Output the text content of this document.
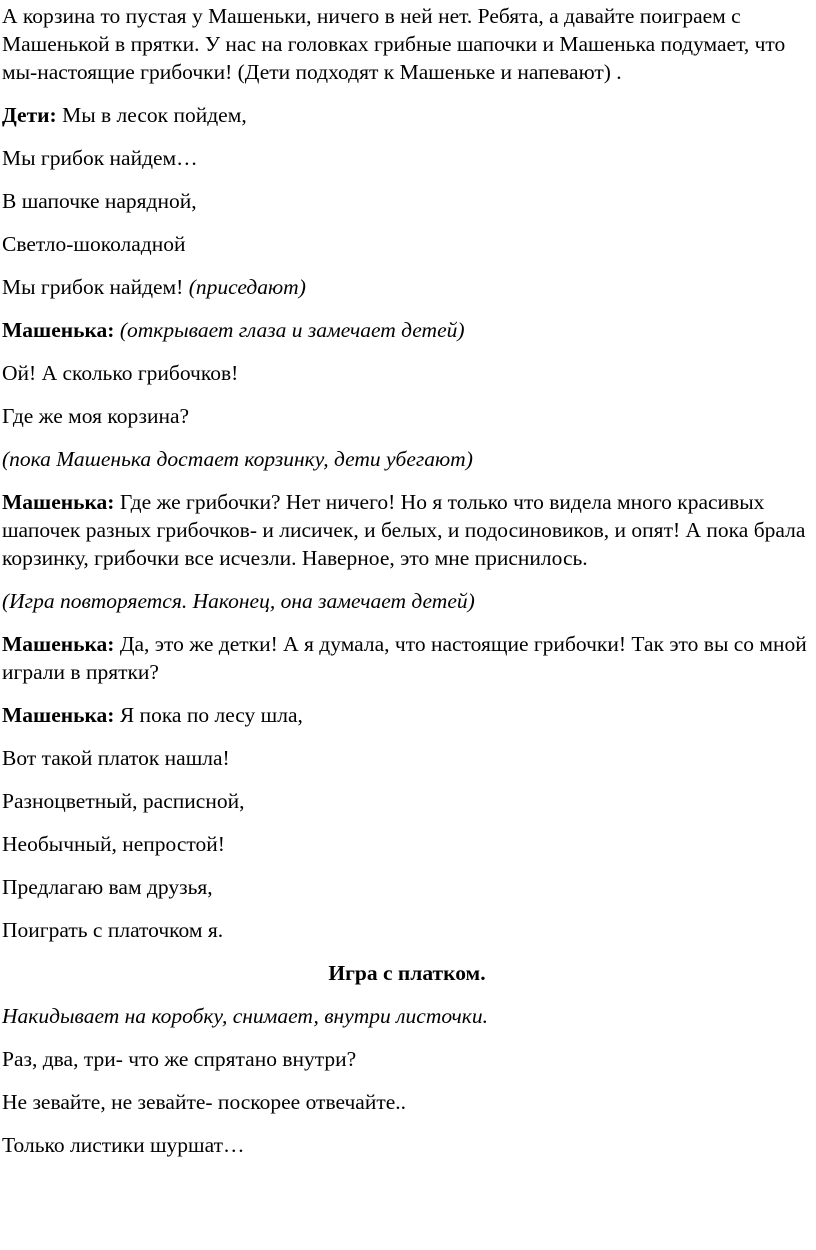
А корзина то пустая у Машеньки, ничего в ней нет. Ребята, а давайте поиграем с Машенькой в прятки. У нас на головках грибные шапочки и Машенька подумает, что мы-настоящие грибочки! (Дети подходят к Машеньке и напевают) .

Дети: Мы в лесок пойдем,

Мы грибок найдем…

В шапочке нарядной,

Светло-шоколадной

Мы грибок найдем! (приседают)

Машенька: (открывает глаза и замечает детей)

Ой! А сколько грибочков!

Где же моя корзина?

(пока Машенька достает корзинку, дети убегают)

Машенька: Где же грибочки? Нет ничего! Но я только что видела много красивых шапочек разных грибочков- и лисичек, и белых, и подосиновиков, и опят! А пока брала корзинку, грибочки все исчезли. Наверное, это мне приснилось.

(Игра повторяется. Наконец, она замечает детей)

Машенька: Да, это же детки! А я думала, что настоящие грибочки! Так это вы со мной играли в прятки?

Машенька: Я пока по лесу шла,

Вот такой платок нашла!

Разноцветный, расписной,

Необычный, непростой!

Предлагаю вам друзья,

Поиграть с платочком я.

Игра с платком.

Накидывает на коробку, снимает, внутри листочки.

Раз, два, три- что же спрятано внутри?

Не зевайте, не зевайте- поскорее отвечайте..

Только листики шуршат…
